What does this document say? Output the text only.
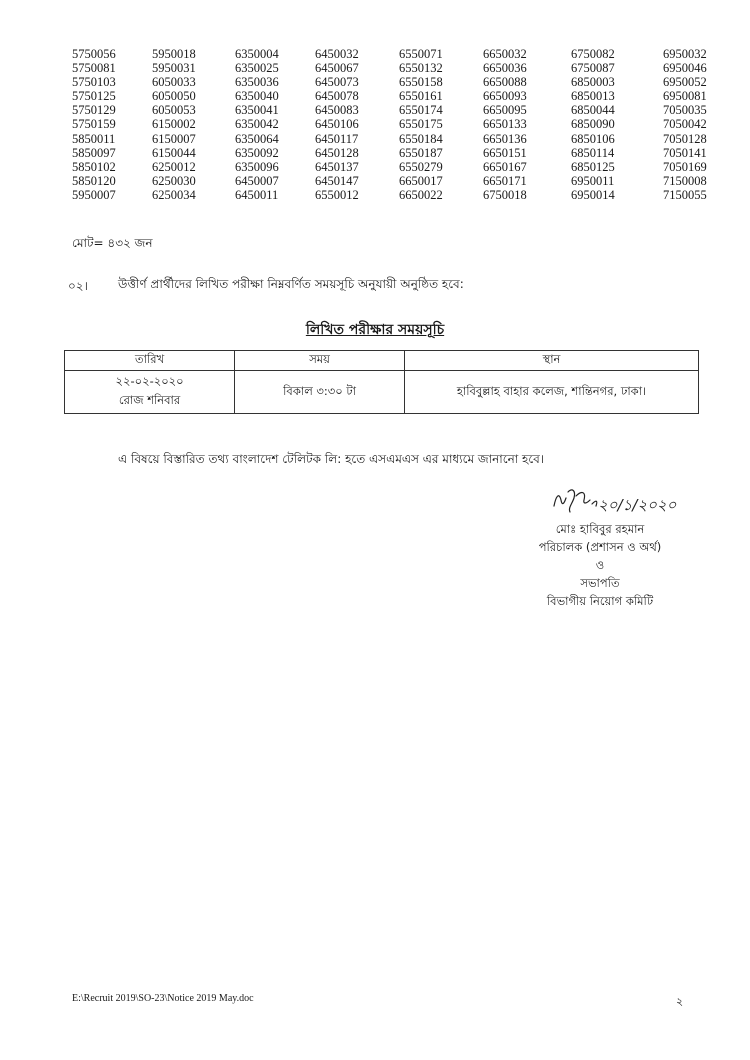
5750056	5950018	6350004	6450032	6550071	6650032	6750082	6950032
5750081	5950031	6350025	6450067	6550132	6650036	6750087	6950046
5750103	6050033	6350036	6450073	6550158	6650088	6850003	6950052
5750125	6050050	6350040	6450078	6550161	6650093	6850013	6950081
5750129	6050053	6350041	6450083	6550174	6650095	6850044	7050035
5750159	6150002	6350042	6450106	6550175	6650133	6850090	7050042
5850011	6150007	6350064	6450117	6550184	6650136	6850106	7050128
5850097	6150044	6350092	6450128	6550187	6650151	6850114	7050141
5850102	6250012	6350096	6450137	6550279	6650167	6850125	7050169
5850120	6250030	6450007	6450147	6650017	6650171	6950011	7150008
5950007	6250034	6450011	6550012	6650022	6750018	6950014	7150055
মোট= ৪৩২ জন
০২।	উত্তীর্ণ প্রার্থীদের লিখিত পরীক্ষা নিম্নবর্ণিত সময়সূচি অনুযায়ী অনুষ্ঠিত হবে:
লিখিত পরীক্ষার সময়সূচি
তারিখ	সময়	স্থান

২২-০২-২০২০
রোজ শনিবার	বিকাল ৩:৩০ টা	হাবিবুল্লাহ বাহার কলেজ, শান্তিনগর, ঢাকা।
এ বিষয়ে বিস্তারিত তথ্য বাংলাদেশ টেলিটক লি: হতে এসএমএস এর মাধ্যমে জানানো হবে।
২০/১/২০২০
মোঃ হাবিবুর রহমান
পরিচালক (প্রশাসন ও অর্থ)
ও
সভাপতি
বিভাগীয় নিয়োগ কমিটি
E:\Recruit 2019\SO-23\Notice 2019 May.doc	২
